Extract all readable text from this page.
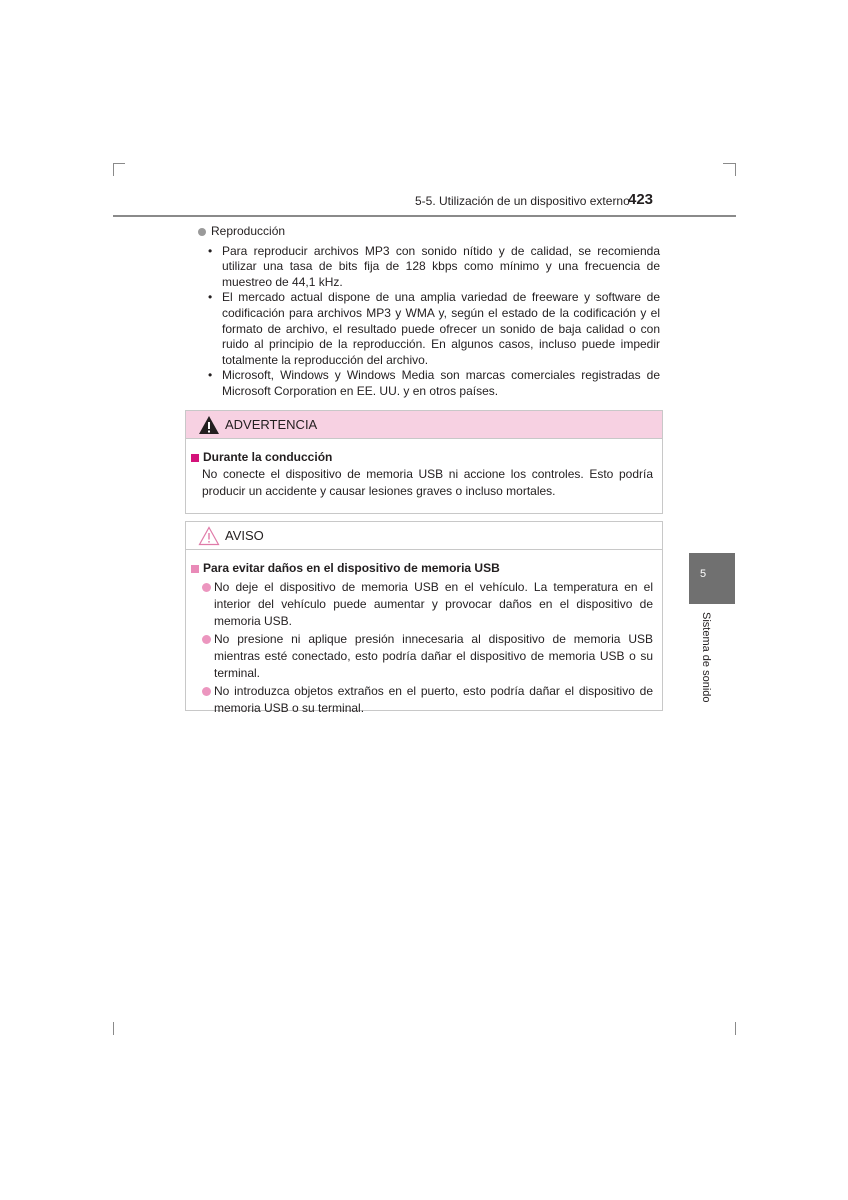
5-5. Utilización de un dispositivo externo
423
Reproducción
• Para reproducir archivos MP3 con sonido nítido y de calidad, se recomienda utilizar una tasa de bits fija de 128 kbps como mínimo y una frecuencia de muestreo de 44,1 kHz.
• El mercado actual dispone de una amplia variedad de freeware y software de codificación para archivos MP3 y WMA y, según el estado de la codificación y el formato de archivo, el resultado puede ofrecer un sonido de baja calidad o con ruido al principio de la reproducción. En algunos casos, incluso puede impedir totalmente la reproducción del archivo.
• Microsoft, Windows y Windows Media son marcas comerciales registradas de Microsoft Corporation en EE. UU. y en otros países.
ADVERTENCIA
Durante la conducción
No conecte el dispositivo de memoria USB ni accione los controles. Esto podría producir un accidente y causar lesiones graves o incluso mortales.
AVISO
Para evitar daños en el dispositivo de memoria USB
No deje el dispositivo de memoria USB en el vehículo. La temperatura en el interior del vehículo puede aumentar y provocar daños en el dispositivo de memoria USB.
No presione ni aplique presión innecesaria al dispositivo de memoria USB mientras esté conectado, esto podría dañar el dispositivo de memoria USB o su terminal.
No introduzca objetos extraños en el puerto, esto podría dañar el dispositivo de memoria USB o su terminal.
5
Sistema de sonido
